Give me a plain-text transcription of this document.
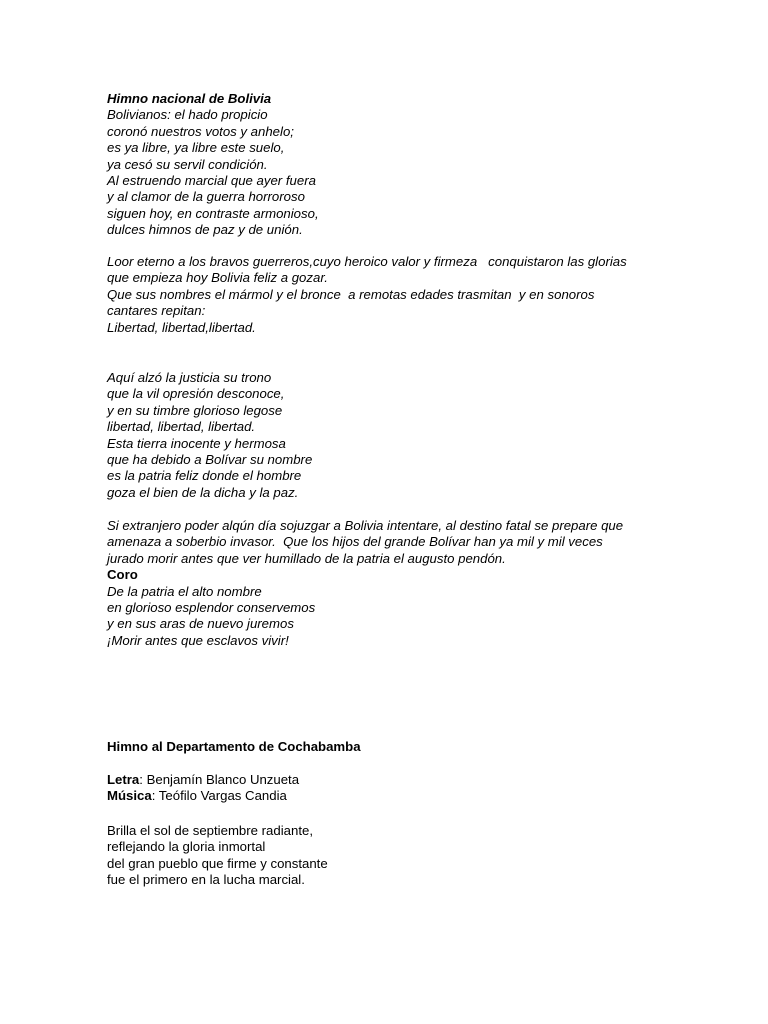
Himno nacional de Bolivia
Bolivianos: el hado propicio
coronó nuestros votos y anhelo;
es ya libre, ya libre este suelo,
ya cesó su servil condición.
Al estruendo marcial que ayer fuera
y al clamor de la guerra horroroso
siguen hoy, en contraste armonioso,
dulces himnos de paz y de unión.
Loor eterno a los bravos guerreros,cuyo heroico valor y firmeza   conquistaron las glorias
que empieza hoy Bolivia feliz a gozar.
Que sus nombres el mármol y el bronce  a remotas edades trasmitan  y en sonoros
cantares repitan:
Libertad, libertad,libertad.
Aquí alzó la justicia su trono
que la vil opresión desconoce,
y en su timbre glorioso legose
libertad, libertad, libertad.
Esta tierra inocente y hermosa
que ha debido a Bolívar su nombre
es la patria feliz donde el hombre
goza el bien de la dicha y la paz.
Si extranjero poder alqún día sojuzgar a Bolivia intentare, al destino fatal se prepare que
amenaza a soberbio invasor.  Que los hijos del grande Bolívar han ya mil y mil veces
jurado morir antes que ver humillado de la patria el augusto pendón.
Coro
De la patria el alto nombre
en glorioso esplendor conservemos
y en sus aras de nuevo juremos
¡Morir antes que esclavos vivir!
Himno al Departamento de Cochabamba
Letra: Benjamín Blanco Unzueta
Música: Teófilo Vargas Candia
Brilla el sol de septiembre radiante,
reflejando la gloria inmortal
del gran pueblo que firme y constante
fue el primero en la lucha marcial.
